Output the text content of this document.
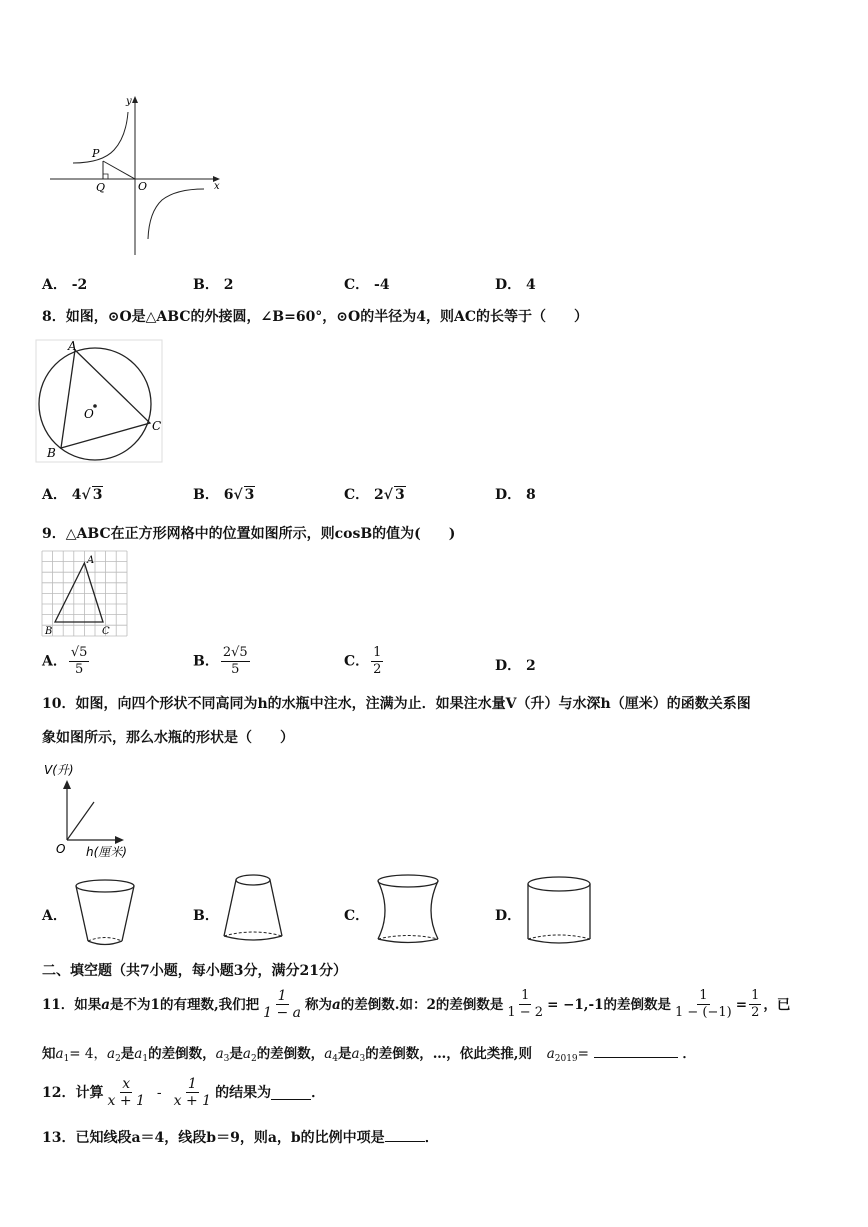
y
x
P
Q	O
A． -2	B． 2	C． -4	D． 4
8．如图，⊙O是△ABC的外接圆，∠B=60°，⊙O的半径为4，则AC的长等于（　　）
A
B
C
O
A． 4√ 3	B． 6√ 3	C． 2√ 3	D． 8
9．△ABC在正方形网格中的位置如图所示，则cosB的值为(　　)
A
B	C
A． $\frac{√5}{5}$	B． $\frac{2√5}{5}$	C． $\frac{1}{2}$	D． 2
10．如图，向四个形状不同高同为h的水瓶中注水，注满为止．如果注水量V（升）与水深h（厘米）的函数关系图
象如图所示，那么水瓶的形状是（　　）
V(升)
O h(厘米)
A．	B．	C．	D．
二、填空题（共7小题，每小题3分，满分21分）
11．如果 a 是不为1的有理数,我们把 $\frac{1}{1 - a}$ 称为 a 的差倒数.如：2的差倒数是 $\frac{1}{1 - 2} = -1,-1$的差倒数是 $\frac{1}{1 - (-1)} = \frac{1}{2}$ ，已
知$a_1= 4$，$a_2$是$a_1$的差倒数，$a_3$是$a_2$的差倒数，$a_4$是$a_3$的差倒数，…，依此类推,则 $a_{2019}=$	．
12．计算 $\frac{x}{x + 1} - \frac{1}{x + 1}$ 的结果为	．
13．已知线段a＝4，线段b＝9，则a，b的比例中项是	．
